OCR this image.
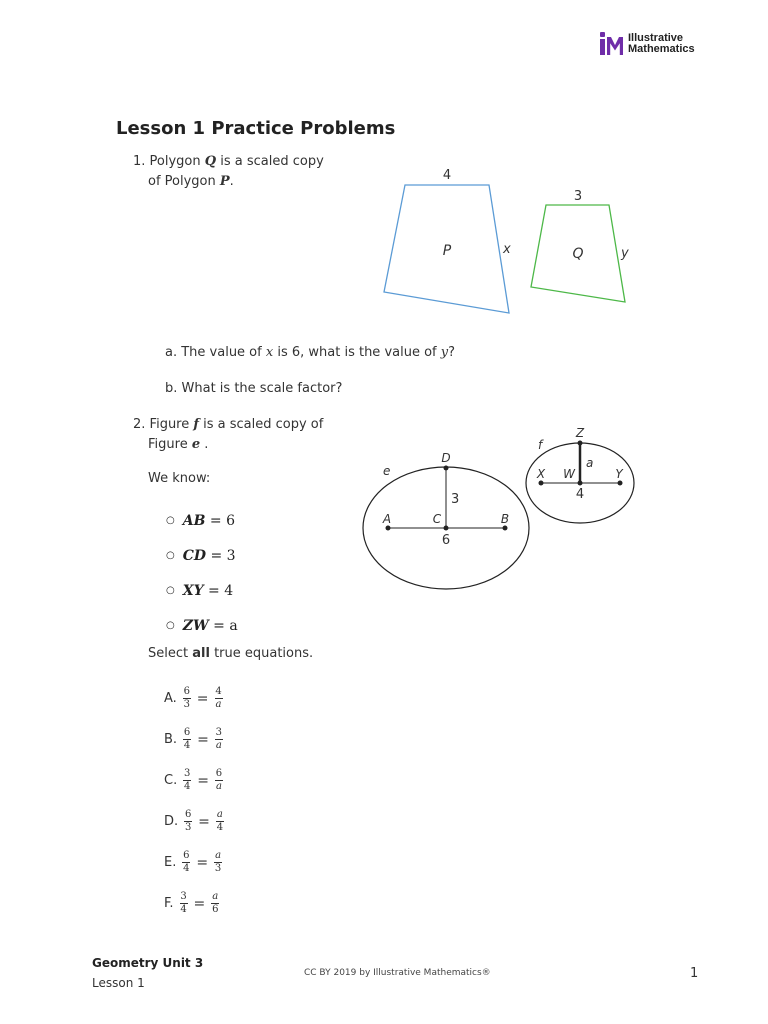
Illustrative
Mathematics
Lesson 1 Practice Problems
1. Polygon Q is a scaled copy
of Polygon P.	4
P	x
3
Q	y
a. The value of x is 6, what is the value of y?
b. What is the scale factor?
2. Figure f is a scaled copy of
Figure e .
We know:
○ AB = 6
○ CD = 3
○ XY = 4
○ ZW = a
Select all true equations.
A. $\frac{6}{3} = \frac{4}{a}$
B. $\frac{6}{4} = \frac{3}{a}$
C. $\frac{3}{4} = \frac{6}{a}$
D. $\frac{6}{3} = \frac{a}{4}$
E. $\frac{6}{4} = \frac{a}{3}$
F. $\frac{3}{4} = \frac{a}{6}$
e
D
3
A	C	B
6
f
Z
a
X W	Y
4
Geometry Unit 3
Lesson 1
CC BY 2019 by Illustrative Mathematics®	1
